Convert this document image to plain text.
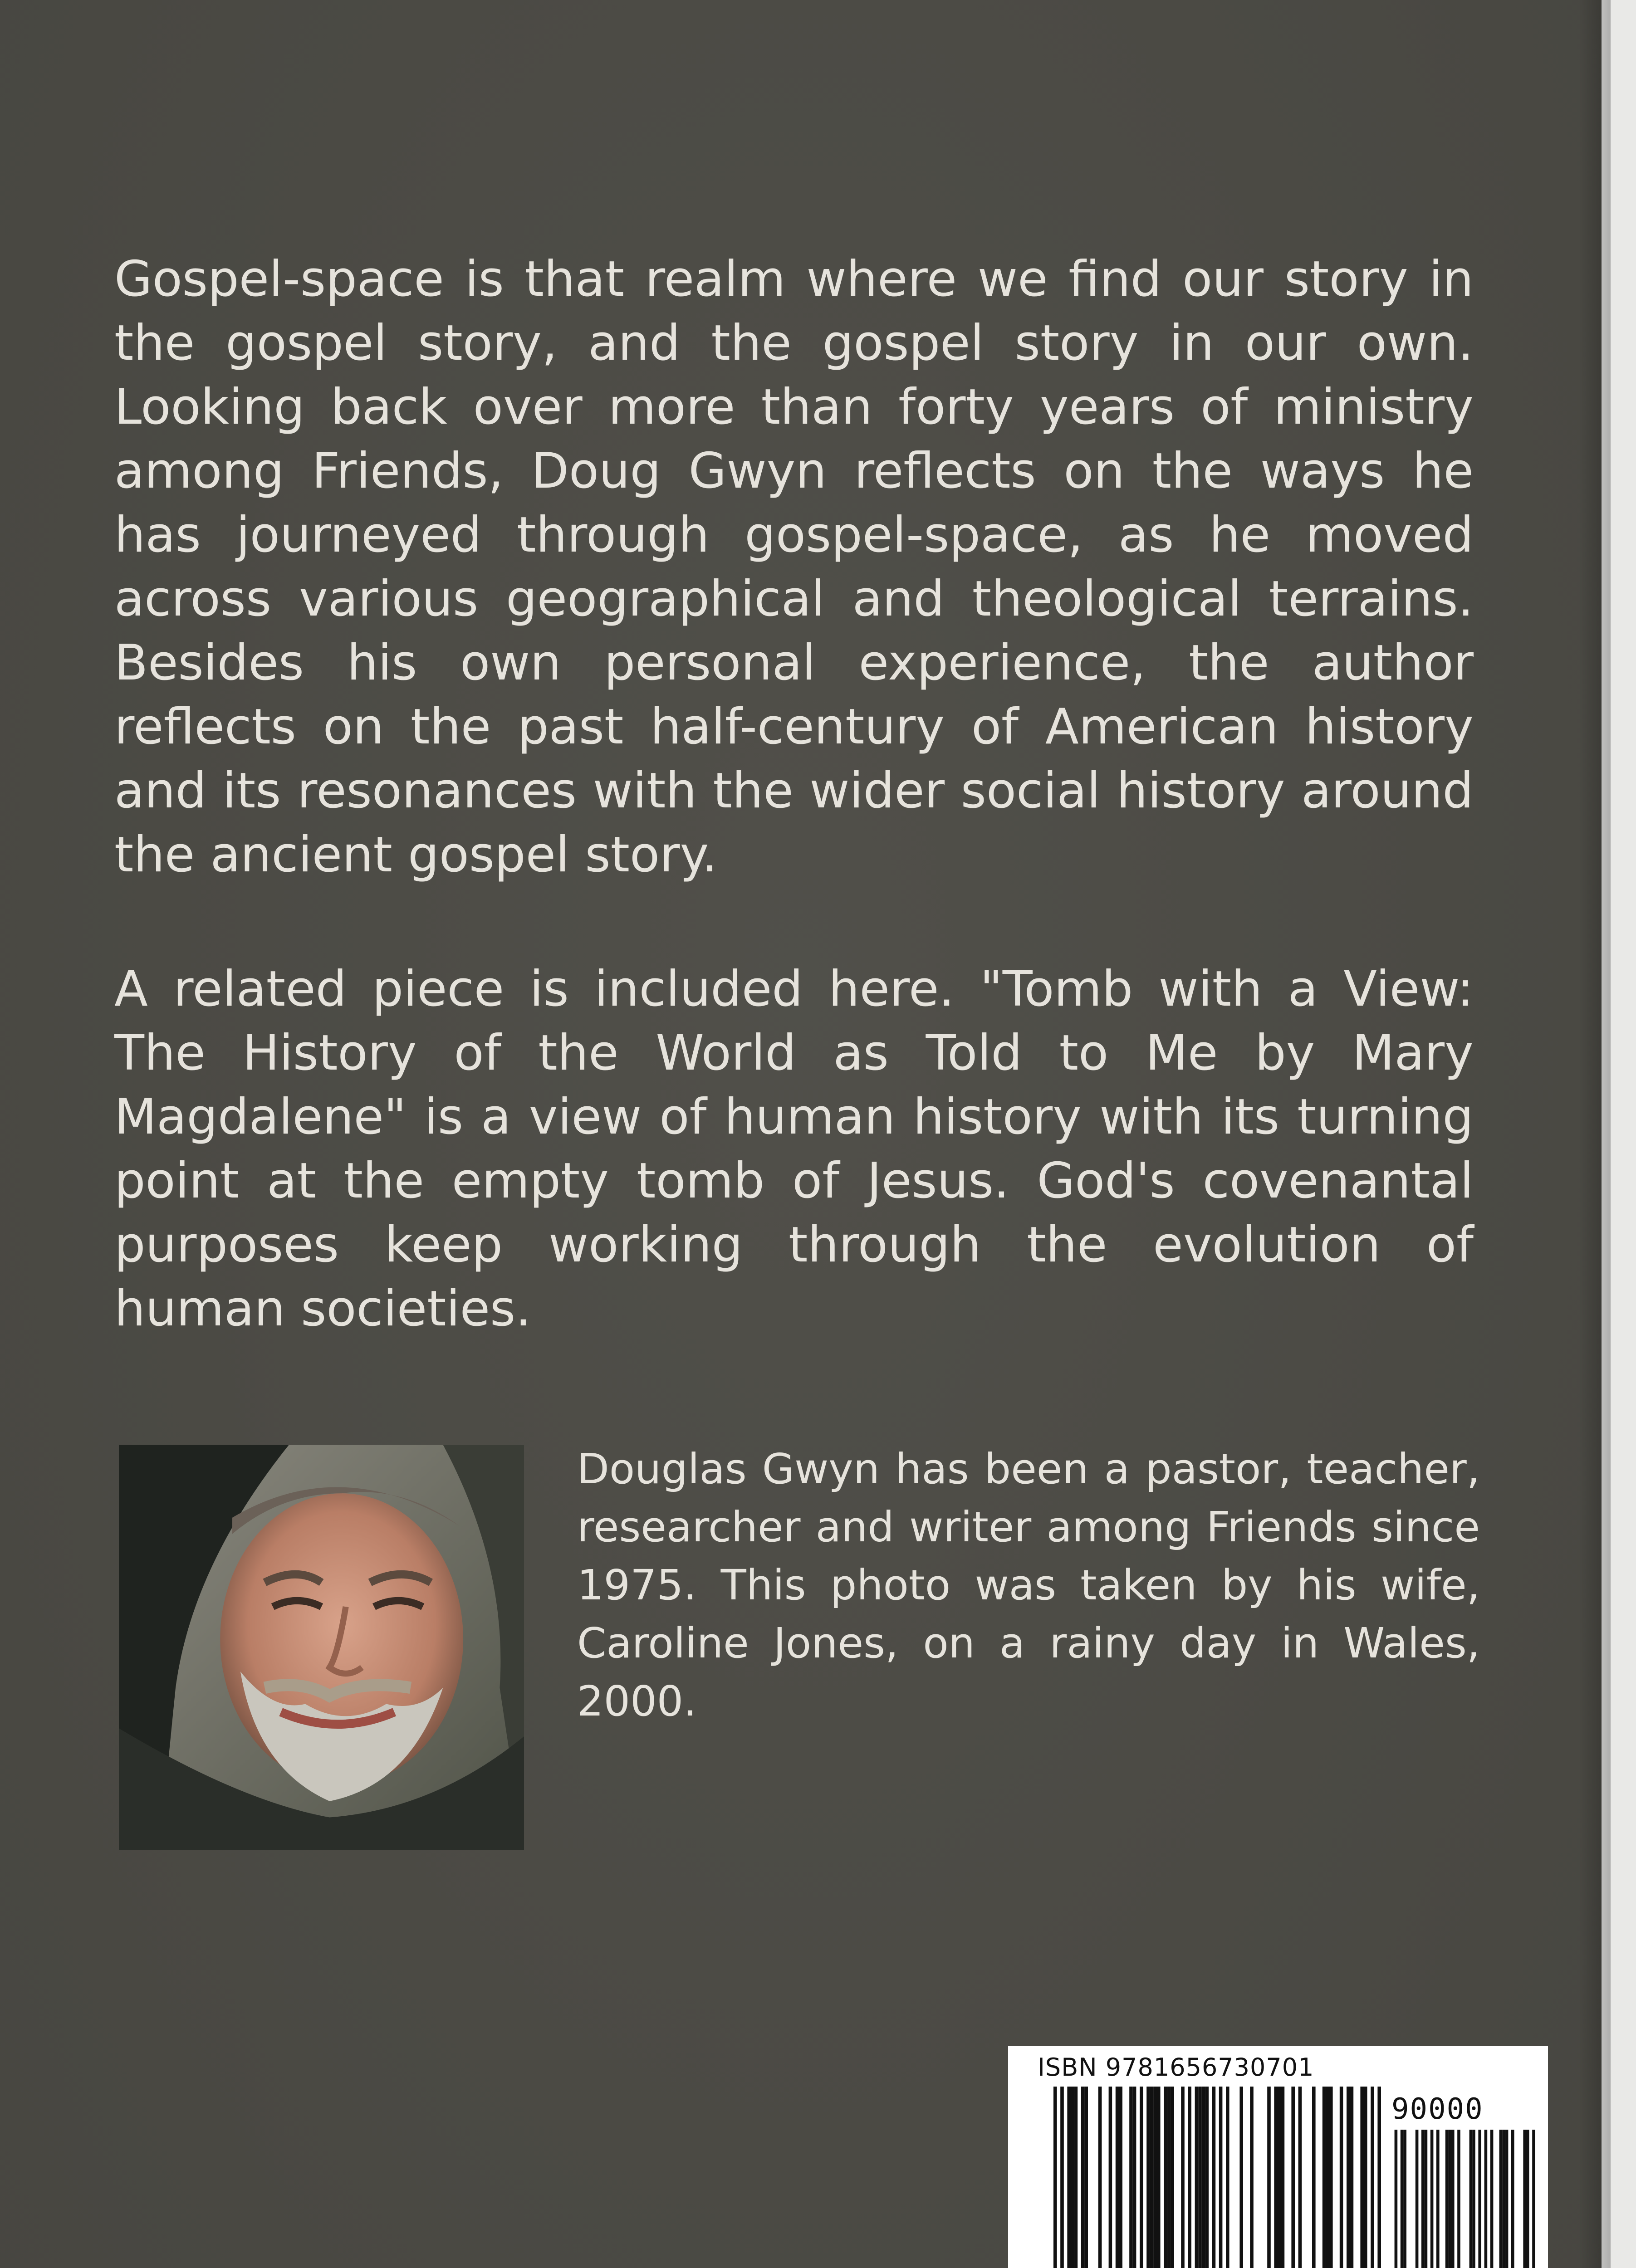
Gospel-space is that realm where we find our story in the gospel story, and the gospel story in our own. Looking back over more than forty years of ministry among Friends, Doug Gwyn reflects on the ways he has journeyed through gospel-space, as he moved across various geographical and theological terrains. Besides his own personal experience, the author reflects on the past half-century of American history and its resonances with the wider social history around the ancient gospel story.

A related piece is included here. "Tomb with a View: The History of the World as Told to Me by Mary Magdalene" is a view of human history with its turning point at the empty tomb of Jesus. God's covenantal purposes keep working through the evolution of human societies.

Douglas Gwyn has been a pastor, teacher, researcher and writer among Friends since 1975. This photo was taken by his wife, Caroline Jones, on a rainy day in Wales, 2000.

ISBN 9781656730701
90000
